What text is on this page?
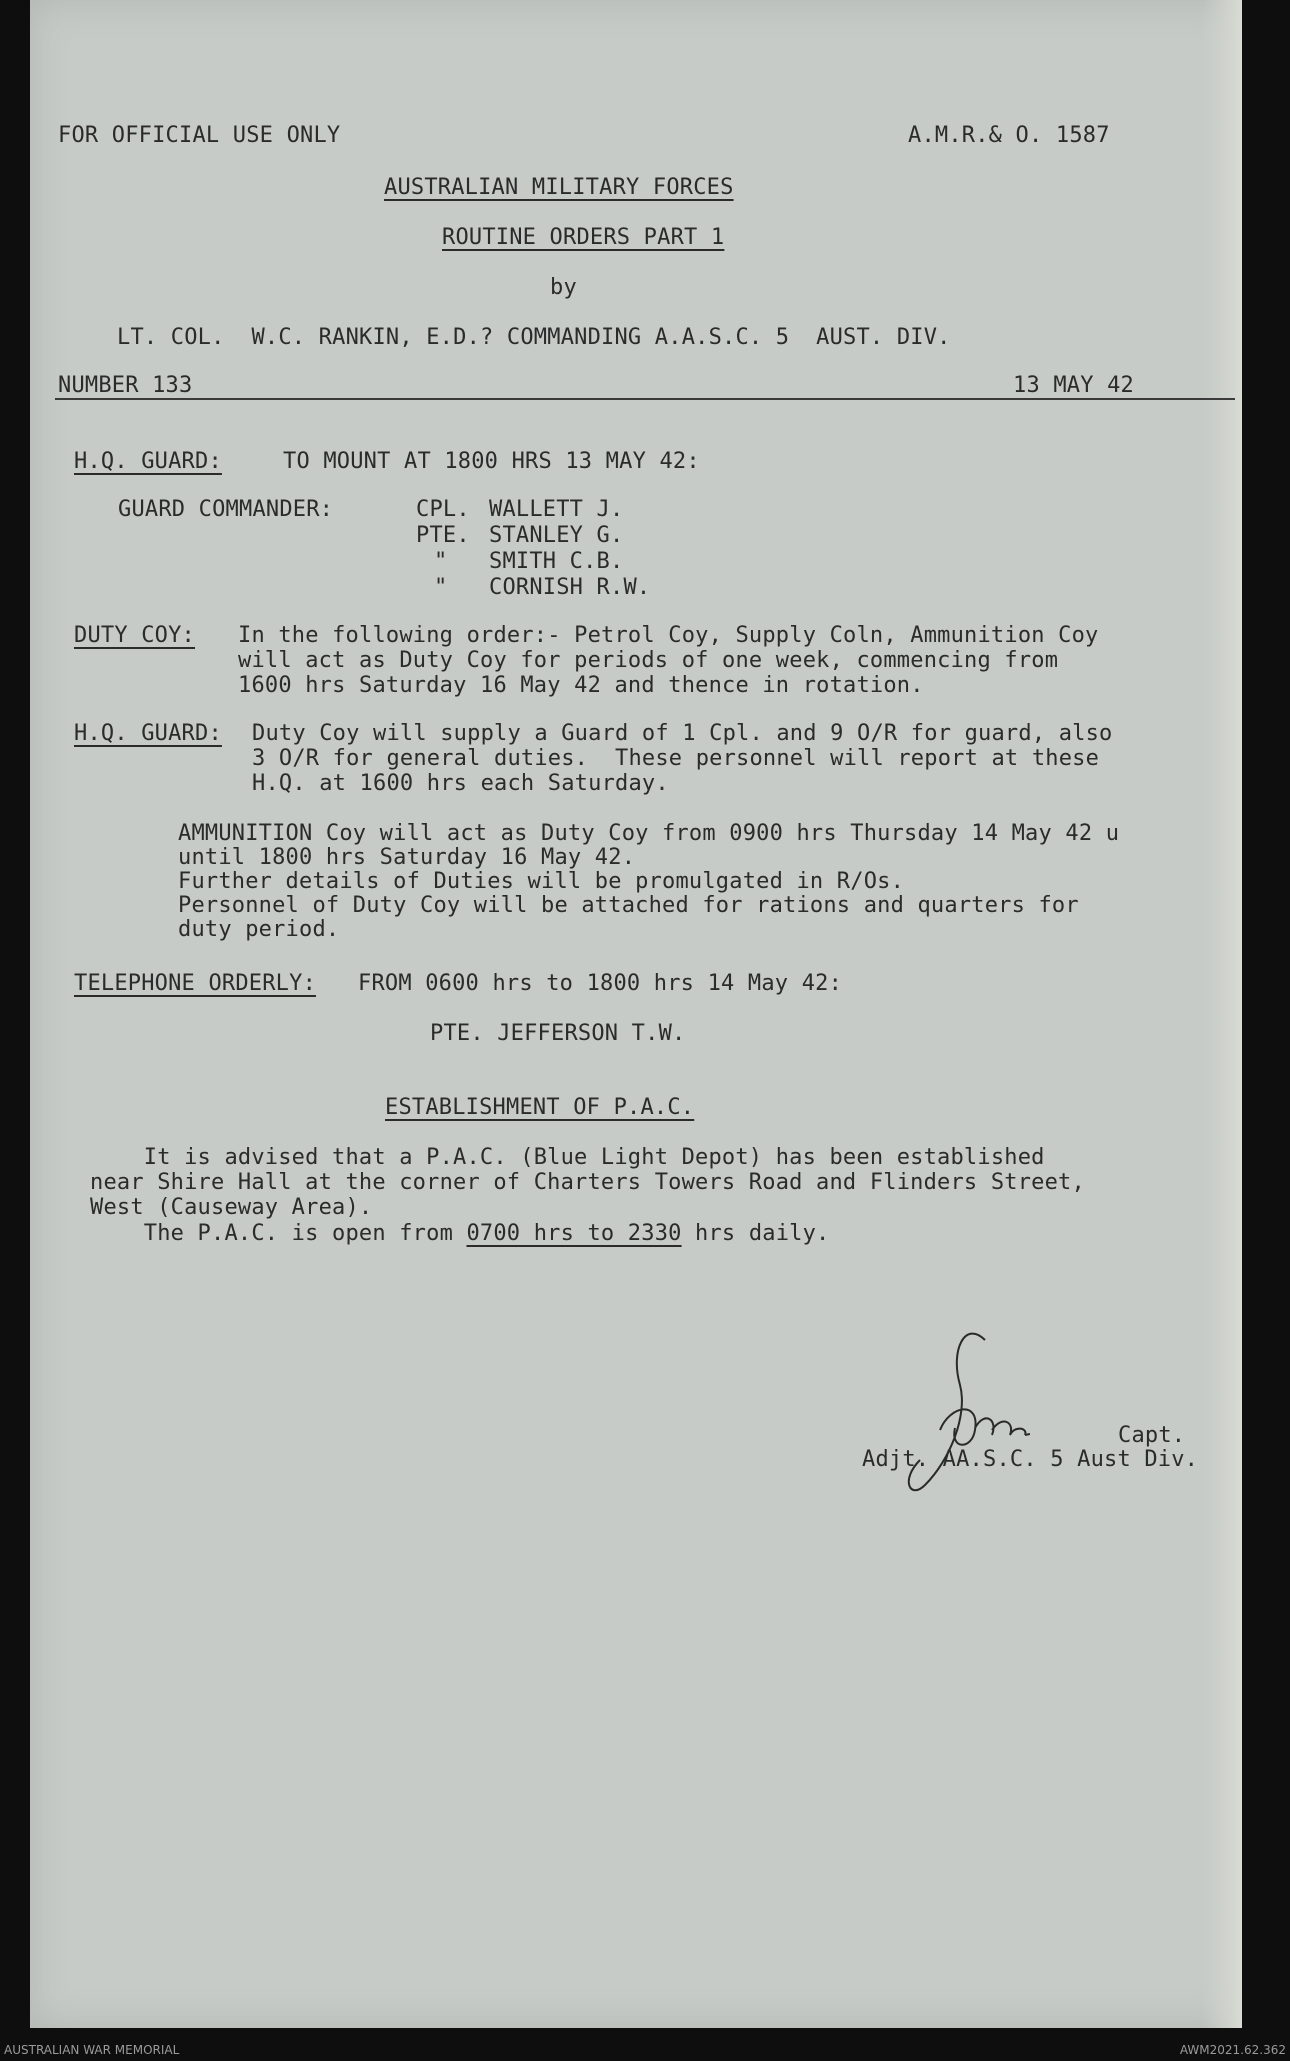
FOR OFFICIAL USE ONLY	A.M.R.& O. 1587
AUSTRALIAN MILITARY FORCES
ROUTINE ORDERS PART 1
by
LT. COL.  W.C. RANKIN, E.D.? COMMANDING A.A.S.C. 5  AUST. DIV.
NUMBER 133	13 MAY 42
H.Q. GUARD:	TO MOUNT AT 1800 HRS 13 MAY 42:
GUARD COMMANDER:	CPL. WALLETT J.
PTE. STANLEY G.
" SMITH C.B.
" CORNISH R.W.
DUTY COY: In the following order:- Petrol Coy, Supply Coln, Ammunition Coy
will act as Duty Coy for periods of one week, commencing from
1600 hrs Saturday 16 May 42 and thence in rotation.
H.Q. GUARD: Duty Coy will supply a Guard of 1 Cpl. and 9 O/R for guard, also
3 O/R for general duties.  These personnel will report at these
H.Q. at 1600 hrs each Saturday.
AMMUNITION Coy will act as Duty Coy from 0900 hrs Thursday 14 May 42 u
until 1800 hrs Saturday 16 May 42.
Further details of Duties will be promulgated in R/Os.
Personnel of Duty Coy will be attached for rations and quarters for
duty period.
TELEPHONE ORDERLY: FROM 0600 hrs to 1800 hrs 14 May 42:
PTE. JEFFERSON T.W.
ESTABLISHMENT OF P.A.C.
It is advised that a P.A.C. (Blue Light Depot) has been established
near Shire Hall at the corner of Charters Towers Road and Flinders Street,
West (Causeway Area).
The P.A.C. is open from 0700 hrs to 2330 hrs daily.
Capt.
Adjt. AA.S.C. 5 Aust Div.
AUSTRALIAN WAR MEMORIAL	AWM2021.62.362
